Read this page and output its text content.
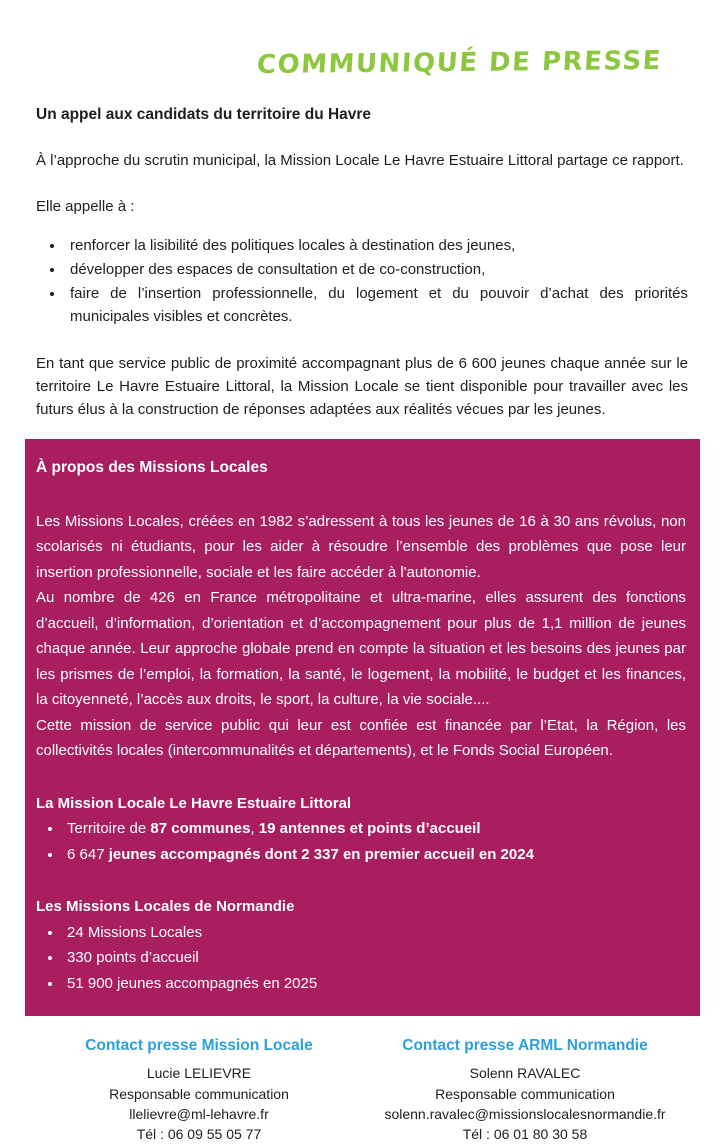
COMMUNIQUÉ DE PRESSE
Un appel aux candidats du territoire du Havre

À l’approche du scrutin municipal, la Mission Locale Le Havre Estuaire Littoral partage ce rapport.

Elle appelle à :

• renforcer la lisibilité des politiques locales à destination des jeunes,
• développer des espaces de consultation et de co-construction,
• faire de l’insertion professionnelle, du logement et du pouvoir d’achat des priorités municipales visibles et concrètes.

En tant que service public de proximité accompagnant plus de 6 600 jeunes chaque année sur le territoire Le Havre Estuaire Littoral, la Mission Locale se tient disponible pour travailler avec les futurs élus à la construction de réponses adaptées aux réalités vécues par les jeunes.

À propos des Missions Locales

Les Missions Locales, créées en 1982 s’adressent à tous les jeunes de 16 à 30 ans révolus, non scolarisés ni étudiants, pour les aider à résoudre l’ensemble des problèmes que pose leur insertion professionnelle, sociale et les faire accéder à l'autonomie.

Au nombre de 426 en France métropolitaine et ultra-marine, elles assurent des fonctions d’accueil, d’information, d’orientation et d’accompagnement pour plus de 1,1 million de jeunes chaque année. Leur approche globale prend en compte la situation et les besoins des jeunes par les prismes de l’emploi, la formation, la santé, le logement, la mobilité, le budget et les finances, la citoyenneté, l’accès aux droits, le sport, la culture, la vie sociale....

Cette mission de service public qui leur est confiée est financée par l’Etat, la Région, les collectivités locales (intercommunalités et départements), et le Fonds Social Européen.

La Mission Locale Le Havre Estuaire Littoral
• Territoire de 87 communes, 19 antennes et points d’accueil
• 6 647 jeunes accompagnés dont 2 337 en premier accueil en 2024
Les Missions Locales de Normandie
• 24 Missions Locales
• 330 points d’accueil
• 51 900 jeunes accompagnés en 2025

Contact presse Mission Locale

Lucie LELIEVRE

Responsable communication

llelievre@ml-lehavre.fr

Tél : 06 09 55 05 77

Contact presse ARML Normandie

Solenn RAVALEC

Responsable communication

solenn.ravalec@missionslocalesnormandie.fr

Tél : 06 01 80 30 58
